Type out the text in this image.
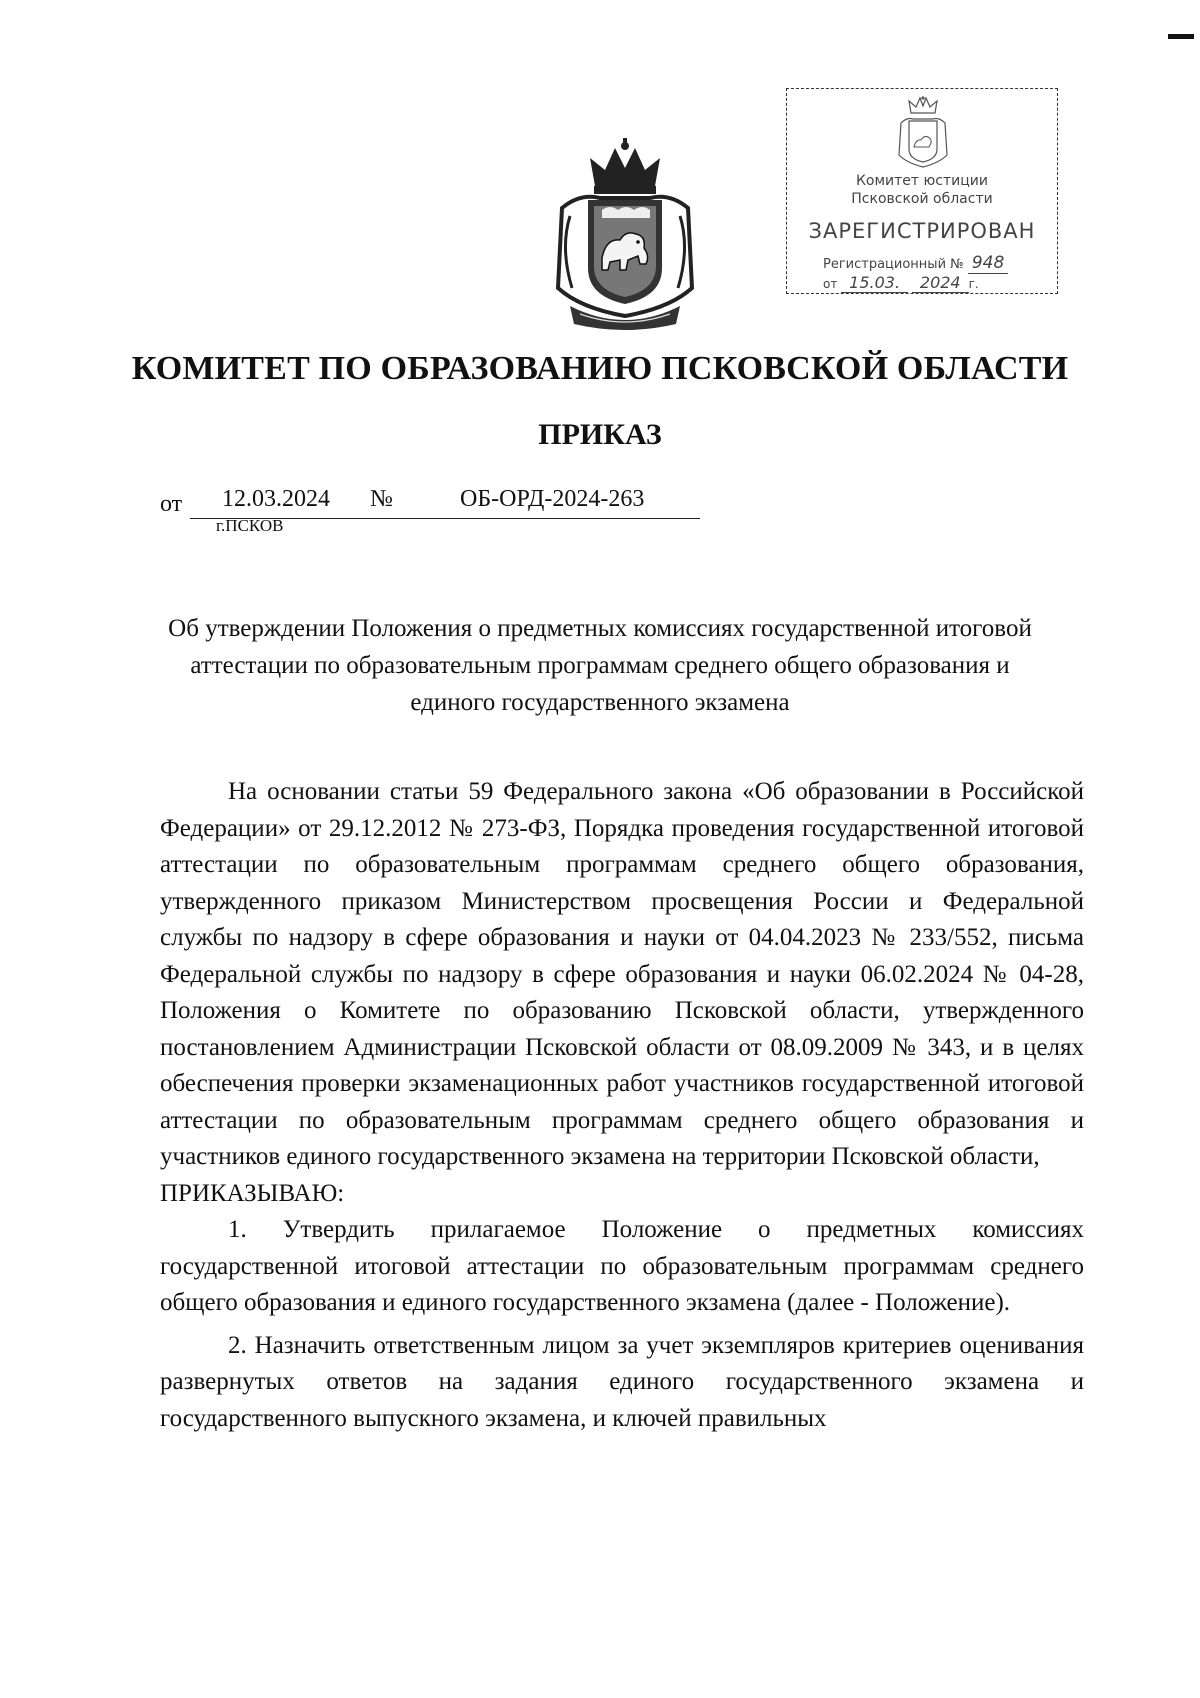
Комитет юстиции
Псковской области
ЗАРЕГИСТРИРОВАН
Регистрационный № 948
от 15.03. 2024 г.
КОМИТЕТ ПО ОБРАЗОВАНИЮ ПСКОВСКОЙ ОБЛАСТИ
ПРИКАЗ
от 12.03.2024 №	ОБ-ОРД-2024-263
г.ПСКОВ
Об утверждении Положения о предметных комиссиях государственной итоговой аттестации по образовательным программам среднего общего образования и единого государственного экзамена

На основании статьи 59 Федерального закона «Об образовании в Российской Федерации» от 29.12.2012 № 273-ФЗ, Порядка проведения государственной итоговой аттестации по образовательным программам среднего общего образования, утвержденного приказом Министерством просвещения России и Федеральной службы по надзору в сфере образования и науки от 04.04.2023 № 233/552, письма Федеральной службы по надзору в сфере образования и науки 06.02.2024 № 04-28, Положения о Комитете по образованию Псковской области, утвержденного постановлением Администрации Псковской области от 08.09.2009 № 343, и в целях обеспечения проверки экзаменационных работ участников государственной итоговой аттестации по образовательным программам среднего общего образования и участников единого государственного экзамена на территории Псковской области,

ПРИКАЗЫВАЮ:

1. Утвердить прилагаемое Положение о предметных комиссиях государственной итоговой аттестации по образовательным программам среднего общего образования и единого государственного экзамена (далее - Положение).

2. Назначить ответственным лицом за учет экземпляров критериев оценивания развернутых ответов на задания единого государственного экзамена и государственного выпускного экзамена, и ключей правильных
